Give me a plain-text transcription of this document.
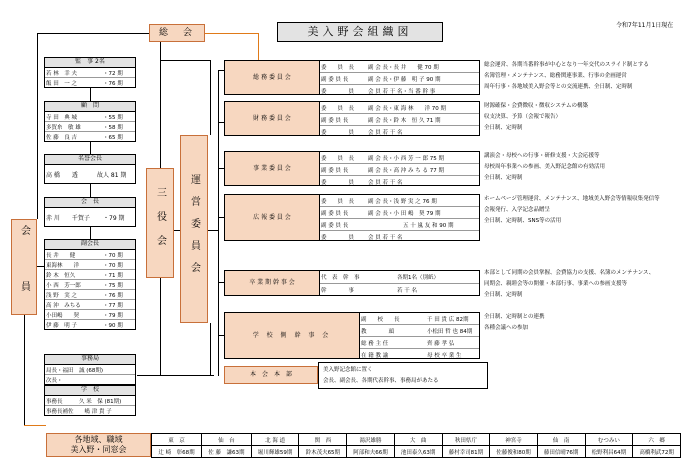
令和7年11月1日現在
美入野会組織図
総　会
会　員
三役会 運営委員会
監　事 2名
若 林　幸 夫	・72 期
飯 田　一 之	・76 期
顧　問
寺 田　典 城	・55 期
多賀糸　敏 雄	・58 期
佐 藤　良 吉	・65 期
名誉会長
高 橋　　透	故人 81 期
会　長
赤 川　　千賀子	・79 期
副会長
長 井　　健	・70 期
東海林　　洋	・70 期
鈴 木　恒久	・71 期
小 西　芳一郎	・75 期
浅 野　実 之	・76 期
高 沖　みちる	・77 期
小田嶋　　契	・79 期
伊 藤　明 子	・90 期
事務局
局長・福田　誠 (68期)
次長・
学　校
事務長　　　久 米　保 (81期)
事務長補佐　　嶋 津 貴 子
総 務 委 員 会
委　　員　長	副 会 長・長 井　　健 70 期
副 委 員 長	副 会 長・伊 藤　明 子 90 期
委　　　　員	会 員 若 干 名・当 番 幹 事
総会運営、各期当番幹事が中心となり一年交代のスライド制とする
名簿管理・メンテナンス、総務関連事業、行事の企画運営
周年行事・各地域美入野会等との交流連携、全日制、定時制
財 務 委 員 会
委　　員　長	副 会 長・東 海 林　　洋 70 期
副 委 員 長	副 会 長・鈴 木　恒 久 71 期
委　　　　員	会 員 若 干 名
財源確保・会費徴収・徴収システムの構築
収支決算、予算（会報で報告）
全日制、定時制
事 業 委 員 会
委　　員　長	副 会 長・小 西 芳 一 郎 75 期
副 委 員 長	副 会 長・高 沖 み ち る 77 期
委　　　　員	会 員 若 干 名
講演会・母校への行事・研修支援・大会応援等
母校周年事業への参画、美入野記念館の有効活用
全日制、定時制
広 報 委 員 会
委　　員　長	副 会 長・浅 野 実 之 76 期
副 委 員 長	副 会 長・小 田 嶋　契 79 期
副 委 員 長	五 十 嵐 友 和 90 期
委　　　　員	会 員 若 干 名
ホームページ管理運営、メンテナンス、地域美入野会等情報収集発信等
会報発行、入学記念品贈呈
全日制、定時制、SNS等の活用
卒 業 期 幹 事 会
代　表　幹　事	各期1名（別紙）
幹　　　　事	若 干 名
本部として同期の会員掌握、会費協力の支援、名簿のメンテナンス、
同期会、親睦会等の開催・本部行事、事業への参画支援等
全日制、定時制
学 校 側 幹 事 会
副　　校　　長	千 田 貴 広 82期
教　　　　頭	小松田 哲 也 84期
総 務 主 任	齊 藤 孝 弘
在 籍 教 諭	母 校 卒 業 生
全日制、定時制との連携
各種会議への参加
本　会　本　部
美入野記念館に置く
会長、副会長、各期代表幹事、事務局があたる
各地域、職域
美入野・同窓会
東　京	仙　台	北 海 道	関　西	湯沢雄勝	大　曲	秋田県庁	神宮寺	仙　南	むつみい	六　郷
辻 崎　彰68期	佐 藤　謙63期	堀川輝雄59期	鈴木茂夫65期	阿部和夫66期	池田泰久63期	藤村幸司81期	佐藤俊和80期	藤田信晴76期	松野利昌64期	高橋利武72期
